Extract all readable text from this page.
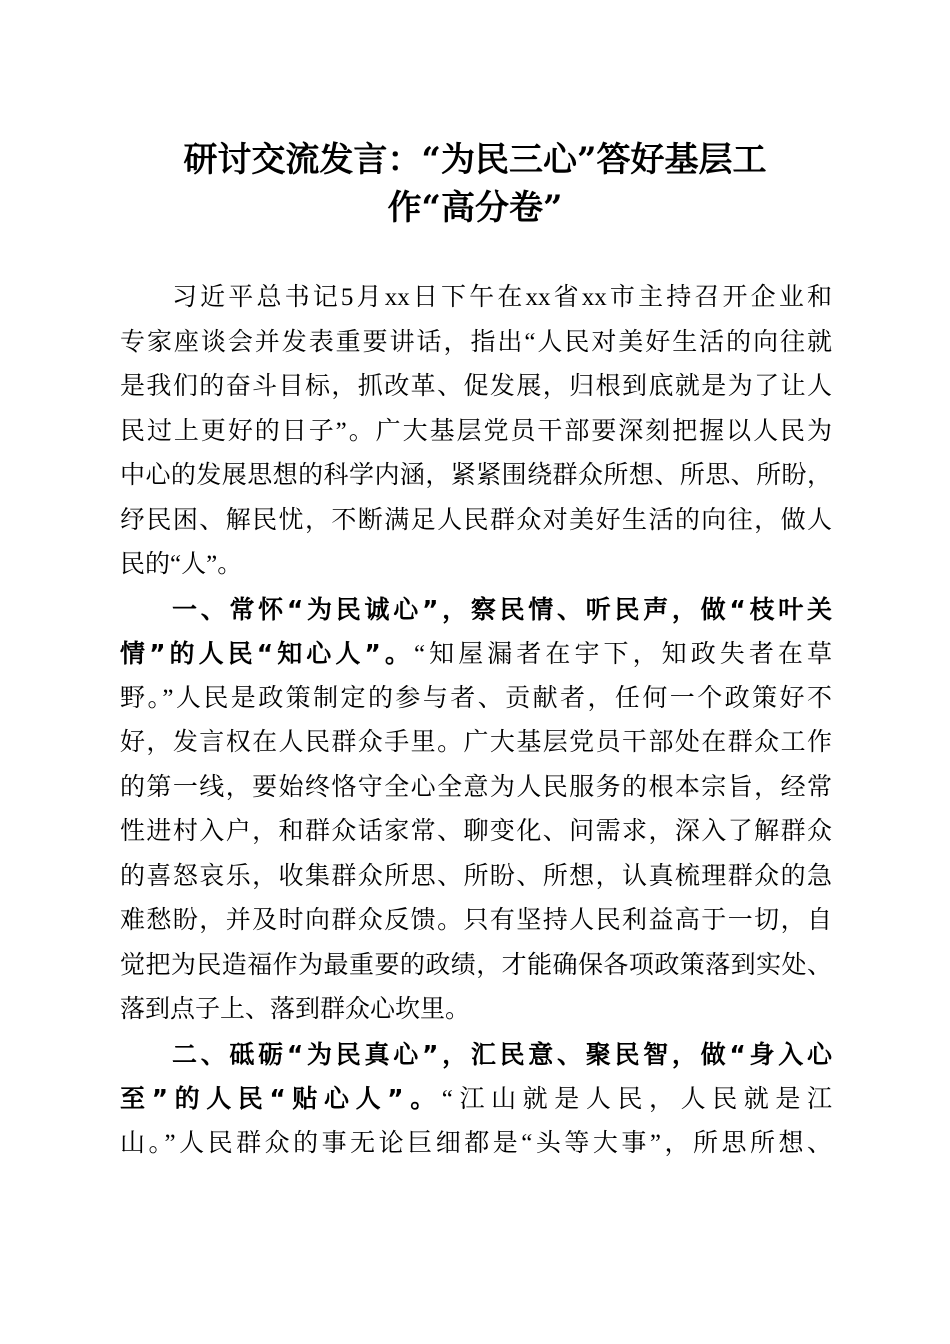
研讨交流发言：“为民三心”答好基层工
作“高分卷”
习近平总书记5月xx日下午在xx省xx市主持召开企业和
专家座谈会并发表重要讲话，指出“人民对美好生活的向往就
是我们的奋斗目标，抓改革、促发展，归根到底就是为了让人
民过上更好的日子”。广大基层党员干部要深刻把握以人民为
中心的发展思想的科学内涵，紧紧围绕群众所想、所思、所盼，
纾民困、解民忧，不断满足人民群众对美好生活的向往，做人
民的“人”。
一、常怀“为民诚心”，察民情、听民声，做“枝叶关
情”的人民“知心人”。“知屋漏者在宇下，知政失者在草
野。”人民是政策制定的参与者、贡献者，任何一个政策好不
好，发言权在人民群众手里。广大基层党员干部处在群众工作
的第一线，要始终恪守全心全意为人民服务的根本宗旨，经常
性进村入户，和群众话家常、聊变化、问需求，深入了解群众
的喜怒哀乐，收集群众所思、所盼、所想，认真梳理群众的急
难愁盼，并及时向群众反馈。只有坚持人民利益高于一切，自
觉把为民造福作为最重要的政绩，才能确保各项政策落到实处、
落到点子上、落到群众心坎里。
二、砥砺“为民真心”，汇民意、聚民智，做“身入心
至”的人民“贴心人”。“江山就是人民，人民就是江
山。”人民群众的事无论巨细都是“头等大事”，所思所想、
